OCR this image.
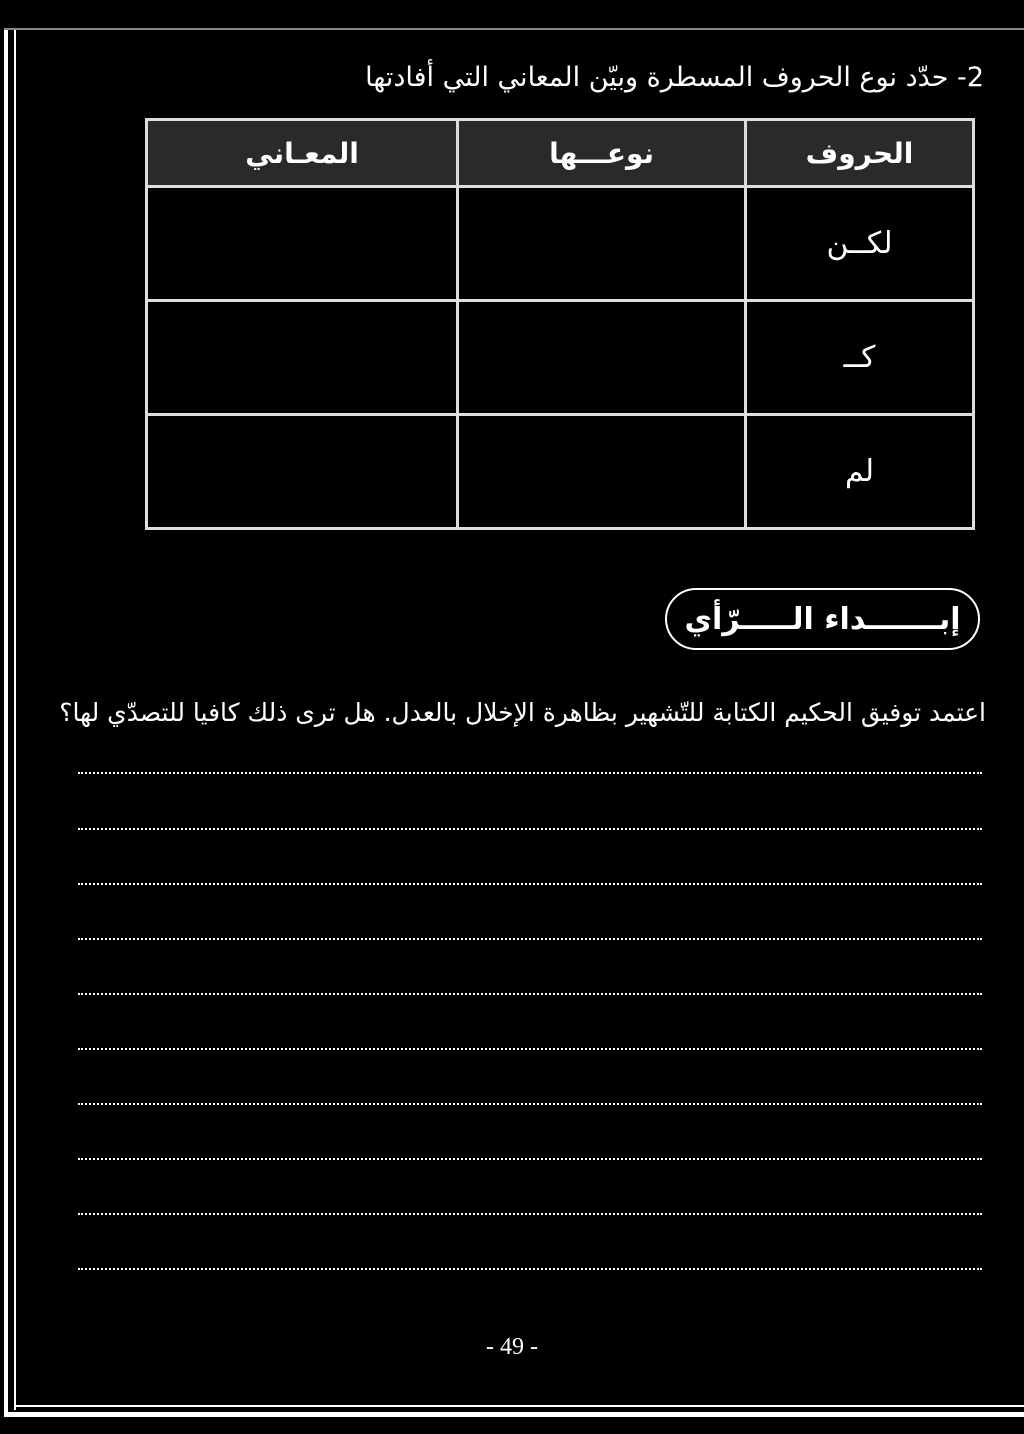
2- حدّد نوع الحروف المسطرة وبيّن المعاني التي أفادتها
الحروف	نوعـــها	المعـاني
لكــن		
كــ		
لم		
إبـــــــداء الـــــرّأي
اعتمد توفيق الحكيم الكتابة للتّشهير بظاهرة الإخلال بالعدل. هل ترى ذلك كافيا للتصدّي لها؟
- 49 -
